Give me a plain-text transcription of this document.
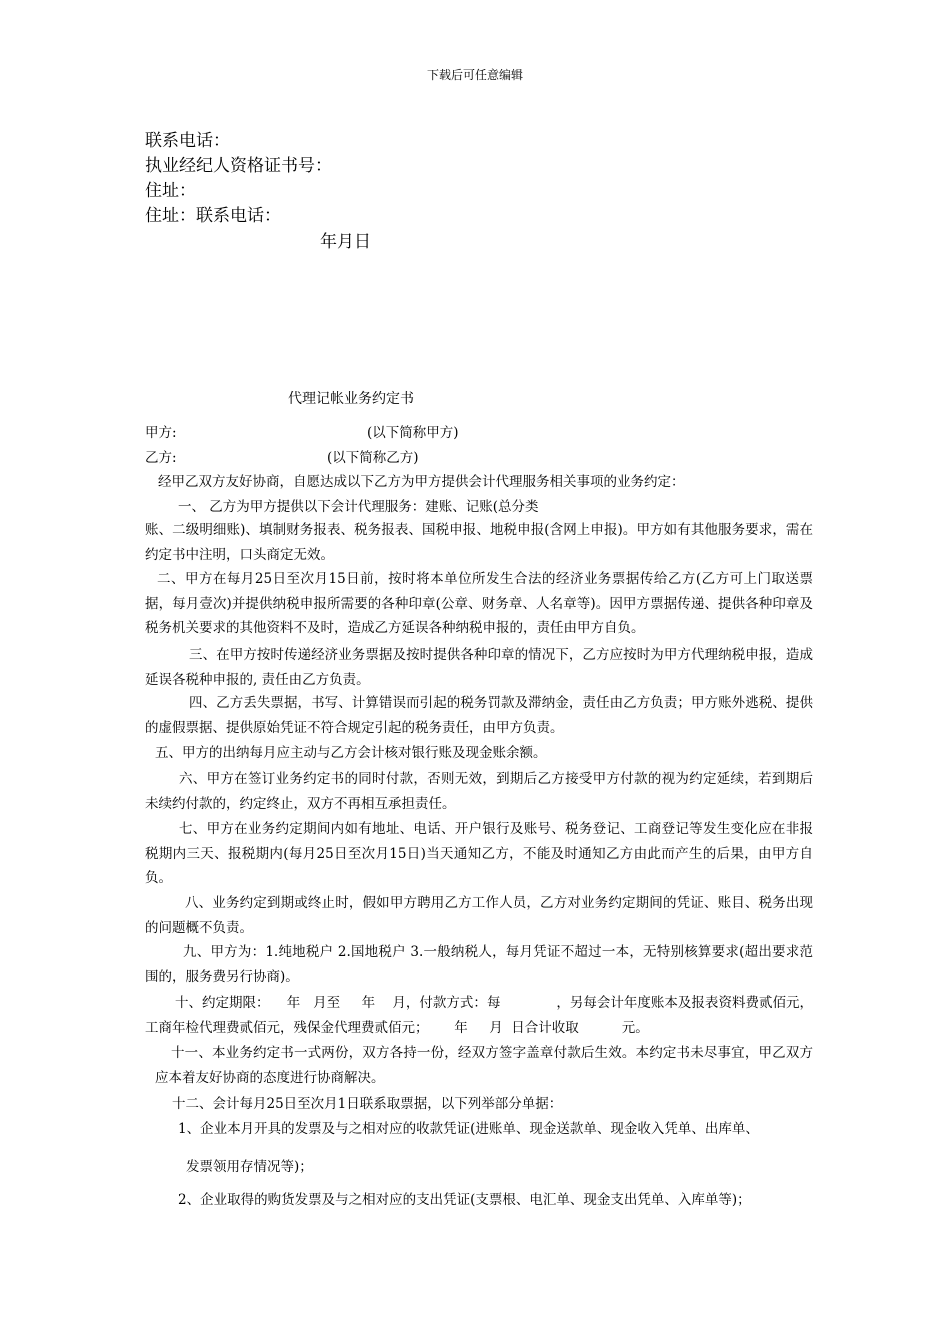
下载后可任意编辑
联系电话：
执业经纪人资格证书号：
住址：
住址：联系电话：
年月日
代理记帐业务约定书
甲方:	(以下简称甲方)
乙方:	(以下简称乙方)
经甲乙双方友好协商，自愿达成以下乙方为甲方提供会计代理服务相关事项的业务约定：
一、 乙方为甲方提供以下会计代理服务：建账、记账(总分类
账、二级明细账)、填制财务报表、税务报表、国税申报、地税申报(含网上申报)。甲方如有其他服务要求，需在约定书中注明，口头商定无效。
二、甲方在每月25日至次月15日前，按时将本单位所发生合法的经济业务票据传给乙方(乙方可上门取送票据，每月壹次)并提供纳税申报所需要的各种印章(公章、财务章、人名章等)。因甲方票据传递、提供各种印章及税务机关要求的其他资料不及时，造成乙方延误各种纳税申报的，责任由甲方自负。
三、在甲方按时传递经济业务票据及按时提供各种印章的情况下，乙方应按时为甲方代理纳税申报，造成延误各税种申报的, 责任由乙方负责。
四、乙方丢失票据，书写、计算错误而引起的税务罚款及滞纳金，责任由乙方负责；甲方账外逃税、提供的虚假票据、提供原始凭证不符合规定引起的税务责任，由甲方负责。
五、甲方的出纳每月应主动与乙方会计核对银行账及现金账余额。
六、甲方在签订业务约定书的同时付款，否则无效，到期后乙方接受甲方付款的视为约定延续，若到期后未续约付款的，约定终止，双方不再相互承担责任。
七、甲方在业务约定期间内如有地址、电话、开户银行及账号、税务登记、工商登记等发生变化应在非报税期内三天、报税期内(每月25日至次月15日)当天通知乙方，不能及时通知乙方由此而产生的后果，由甲方自负。
八、业务约定到期或终止时，假如甲方聘用乙方工作人员，乙方对业务约定期间的凭证、账目、税务出现的问题概不负责。
九、甲方为：1.纯地税户 2.国地税户 3.一般纳税人，每月凭证不超过一本，无特别核算要求(超出要求范围的，服务费另行协商)。
十、约定期限：    年   月至     年    月，付款方式：每             ，另每会计年度账本及报表资料费贰佰元，工商年检代理费贰佰元，残保金代理费贰佰元；      年     月  日合计收取          元。
十一、本业务约定书一式两份，双方各持一份，经双方签字盖章付款后生效。本约定书未尽事宜，甲乙双方应本着友好协商的态度进行协商解决。
十二、会计每月25日至次月1日联系取票据，以下列举部分单据：
1、企业本月开具的发票及与之相对应的收款凭证(进账单、现金送款单、现金收入凭单、出库单、
发票领用存情况等)；
2、企业取得的购货发票及与之相对应的支出凭证(支票根、电汇单、现金支出凭单、入库单等)；
